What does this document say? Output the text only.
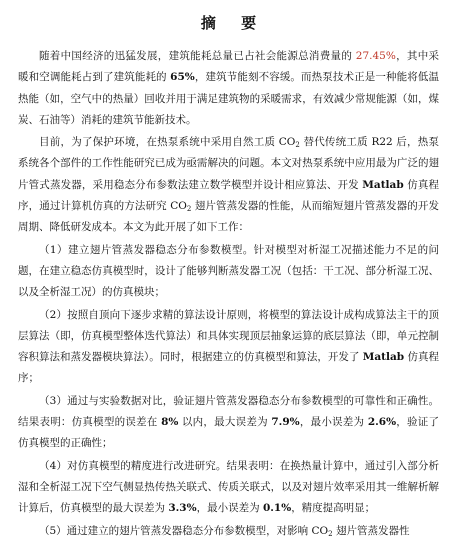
摘 要

随着中国经济的迅猛发展，建筑能耗总量已占社会能源总消费量的 27.45%，其中采暖和空调能耗占到了建筑能耗的 65%，建筑节能刻不容缓。而热泵技术正是一种能将低温热能（如，空气中的热量）回收并用于满足建筑物的采暖需求，有效减少常规能源（如，煤炭、石油等）消耗的建筑节能新技术。

目前，为了保护环境，在热泵系统中采用自然工质 $CO_2$ 替代传统工质 R22 后，热泵系统各个部件的工作性能研究已成为亟需解决的问题。本文对热泵系统中应用最为广泛的翅片管式蒸发器，采用稳态分布参数法建立数学模型并设计相应算法、开发 Matlab 仿真程序，通过计算机仿真的方法研究 $CO_2$ 翅片管蒸发器的性能，从而缩短翅片管蒸发器的开发周期、降低研发成本。本文为此开展了如下工作：

（1）建立翅片管蒸发器稳态分布参数模型。针对模型对析湿工况描述能力不足的问题，在建立稳态仿真模型时，设计了能够判断蒸发器工况（包括：干工况、部分析湿工况、以及全析湿工况）的仿真模块；

（2）按照自顶向下逐步求精的算法设计原则，将模型的算法设计成构成算法主干的顶层算法（即，仿真模型整体迭代算法）和具体实现顶层抽象运算的底层算法（即，单元控制容积算法和蒸发器模块算法）。同时，根据建立的仿真模型和算法，开发了 Matlab 仿真程序；

（3）通过与实验数据对比，验证翅片管蒸发器稳态分布参数模型的可靠性和正确性。结果表明：仿真模型的误差在 8% 以内，最大误差为 7.9%，最小误差为 2.6%，验证了仿真模型的正确性；

（4）对仿真模型的精度进行改进研究。结果表明：在换热量计算中，通过引入部分析湿和全析湿工况下空气侧显热传热关联式、传质关联式，以及对翅片效率采用其一维解析解计算后，仿真模型的最大误差为 3.3%，最小误差为 0.1%，精度提高明显；

（5）通过建立的翅片管蒸发器稳态分布参数模型，对影响 $CO_2$ 翅片管蒸发器性
